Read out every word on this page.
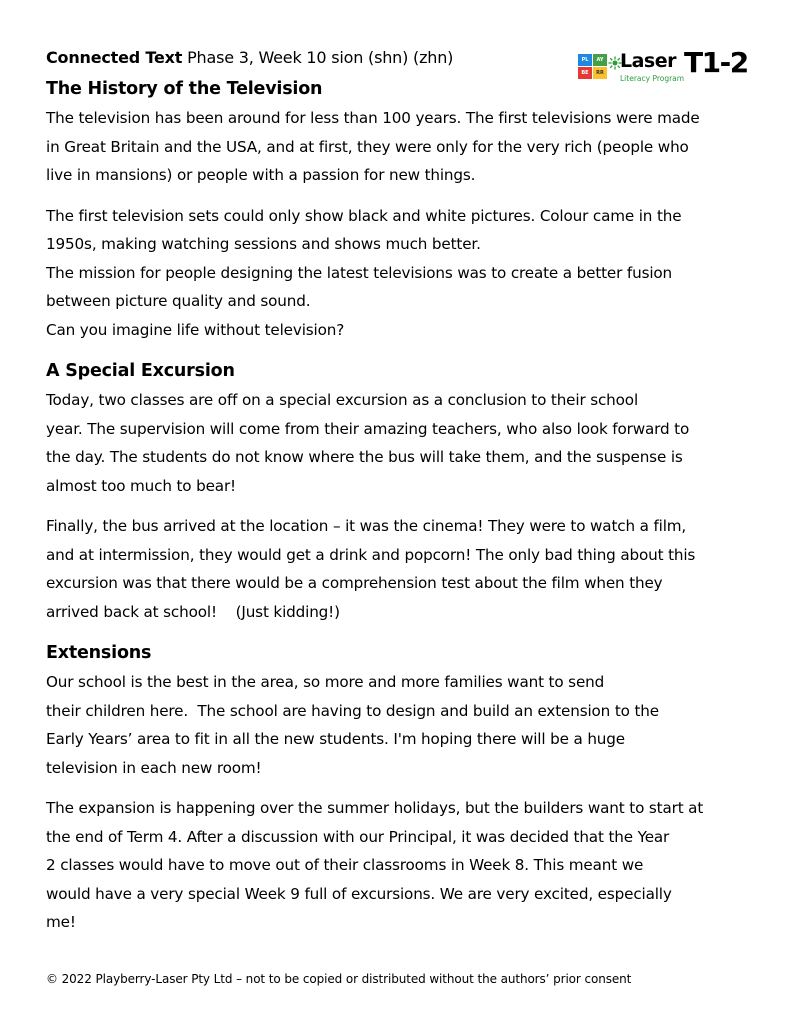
Connected Text Phase 3, Week 10 sion (shn) (zhn)
The History of the Television

The television has been around for less than 100 years. The first televisions were made
in Great Britain and the USA, and at first, they were only for the very rich (people who
live in mansions) or people with a passion for new things.

The first television sets could only show black and white pictures. Colour came in the
1950s, making watching sessions and shows much better.
The mission for people designing the latest televisions was to create a better fusion
between picture quality and sound.
Can you imagine life without television?

A Special Excursion

Today, two classes are off on a special excursion as a conclusion to their school
year. The supervision will come from their amazing teachers, who also look forward to
the day. The students do not know where the bus will take them, and the suspense is
almost too much to bear!

Finally, the bus arrived at the location – it was the cinema! They were to watch a film,
and at intermission, they would get a drink and popcorn! The only bad thing about this
excursion was that there would be a comprehension test about the film when they
arrived back at school!    (Just kidding!)

Extensions

Our school is the best in the area, so more and more families want to send
their children here.  The school are having to design and build an extension to the
Early Years’ area to fit in all the new students. I'm hoping there will be a huge
television in each new room!

The expansion is happening over the summer holidays, but the builders want to start at
the end of Term 4. After a discussion with our Principal, it was decided that the Year
2 classes would have to move out of their classrooms in Week 8. This meant we
would have a very special Week 9 full of excursions. We are very excited, especially
me!

PL	AY
BE	RR
Laser
Literacy Program T1-2
© 2022 Playberry-Laser Pty Ltd – not to be copied or distributed without the authors’ prior consent
